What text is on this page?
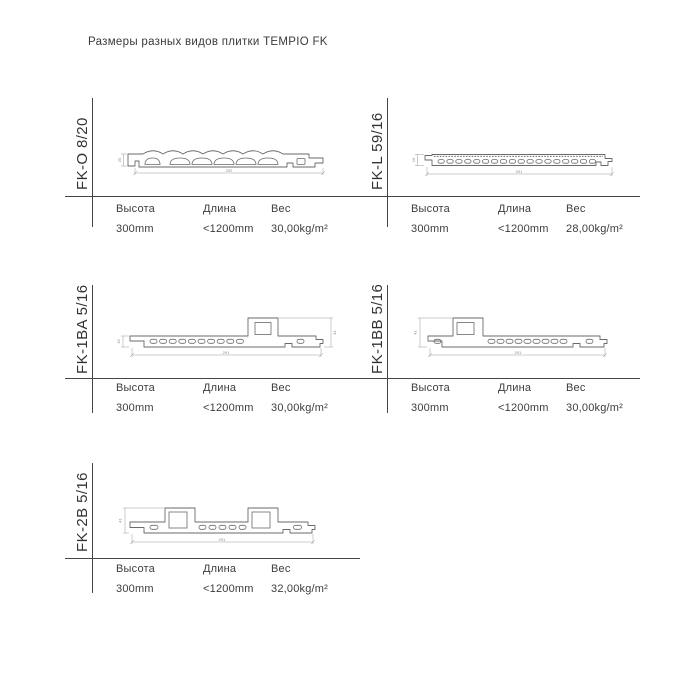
Размеры разных видов плитки TEMPIO FK
FK-O 8/20	292
20
Высота	Длина	Вес
300mm	<1200mm 30,00kg/m²
FK-L 59/16	291
16
Высота	Длина	Вес
300mm	<1200mm 28,00kg/m²
FK-1BA 5/16	291
41
16
Высота	Длина	Вес
300mm	<1200mm 30,00kg/m²
FK-1BB 5/16	291
41
Высота	Длина	Вес
300mm	<1200mm 30,00kg/m²
FK-2B 5/16	291
41
Высота	Длина	Вес
300mm	<1200mm 32,00kg/m²
